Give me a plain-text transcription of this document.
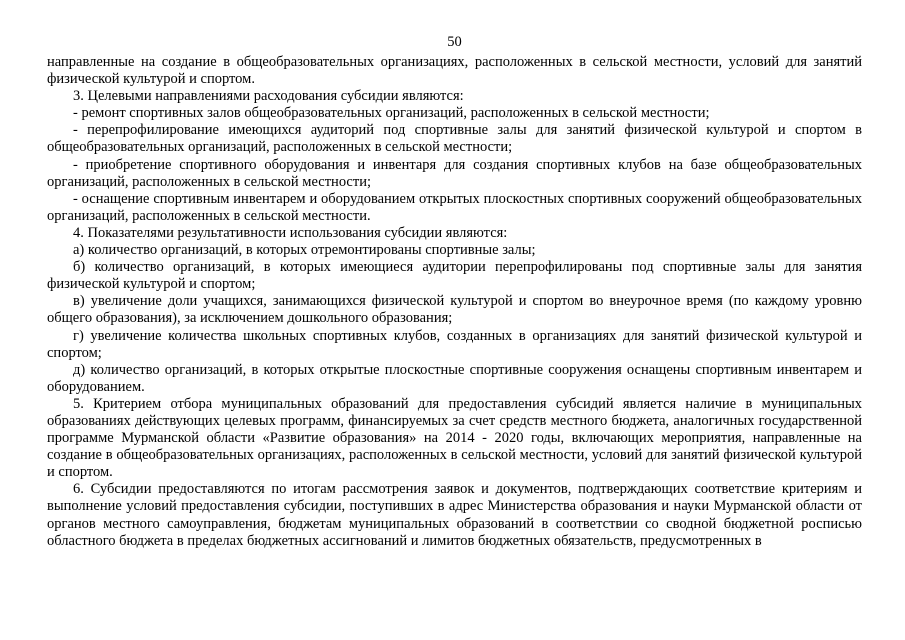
50

направленные на создание в общеобразовательных организациях, расположенных в сельской местности, условий для занятий физической культурой и спортом.

3. Целевыми направлениями расходования субсидии являются:

- ремонт спортивных залов общеобразовательных организаций, расположенных в сельской местности;

- перепрофилирование имеющихся аудиторий под спортивные залы для занятий физической культурой и спортом в общеобразовательных организаций, расположенных в сельской местности;

- приобретение спортивного оборудования и инвентаря для создания спортивных клубов на базе общеобразовательных организаций, расположенных в сельской местности;

- оснащение спортивным инвентарем и оборудованием открытых плоскостных спортивных сооружений общеобразовательных организаций, расположенных в сельской местности.

4. Показателями результативности использования субсидии являются:

а) количество организаций, в которых отремонтированы спортивные залы;

б) количество организаций, в которых имеющиеся аудитории перепрофилированы под спортивные залы для занятия физической культурой и спортом;

в) увеличение доли учащихся, занимающихся физической культурой и спортом во внеурочное время (по каждому уровню общего образования), за исключением дошкольного образования;

г) увеличение количества школьных спортивных клубов, созданных в организациях для занятий физической культурой и спортом;

д) количество организаций, в которых открытые плоскостные спортивные сооружения оснащены спортивным инвентарем и оборудованием.

5. Критерием отбора муниципальных образований для предоставления субсидий является наличие в муниципальных образованиях действующих целевых программ, финансируемых за счет средств местного бюджета, аналогичных государственной программе Мурманской области «Развитие образования» на 2014 - 2020 годы, включающих мероприятия, направленные на создание в общеобразовательных организациях, расположенных в сельской местности, условий для занятий физической культурой и спортом.

6. Субсидии предоставляются по итогам рассмотрения заявок и документов, подтверждающих соответствие критериям и выполнение условий предоставления субсидии, поступивших в адрес Министерства образования и науки Мурманской области от органов местного самоуправления, бюджетам муниципальных образований в соответствии со сводной бюджетной росписью областного бюджета в пределах бюджетных ассигнований и лимитов бюджетных обязательств, предусмотренных в
